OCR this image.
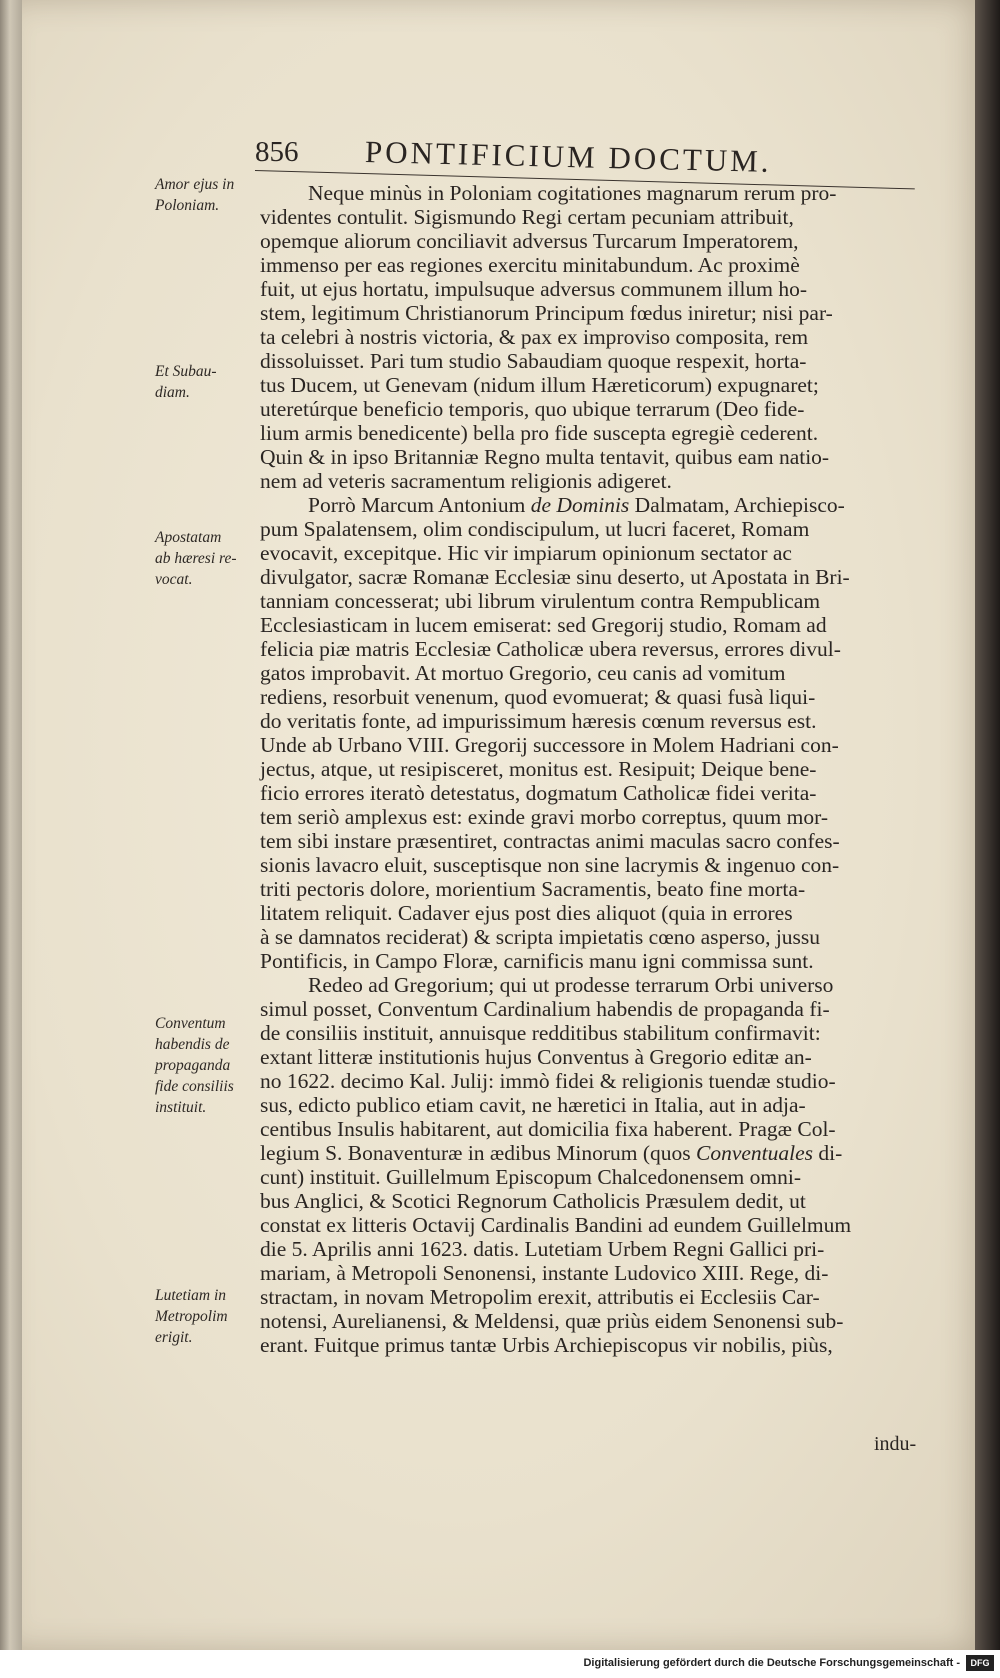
856 PONTIFICIUM DOCTUM.
Amor ejus in
Poloniam.
Et Subau-
diam.
Apostatam
ab hæresi re-
vocat.
Conventum
habendis de
propaganda
fide consiliis
instituit.
Lutetiam in
Metropolim
erigit.
Neque minùs in Poloniam cogitationes magnarum rerum pro-
videntes contulit. Sigismundo Regi certam pecuniam attribuit,
opemque aliorum conciliavit adversus Turcarum Imperatorem,
immenso per eas regiones exercitu minitabundum. Ac proximè
fuit, ut ejus hortatu, impulsuque adversus communem illum ho-
stem, legitimum Christianorum Principum fœdus iniretur; nisi par-
ta celebri à nostris victoria, & pax ex improviso composita, rem
dissoluisset. Pari tum studio Sabaudiam quoque respexit, horta-
tus Ducem, ut Genevam (nidum illum Hæreticorum) expugnaret;
uteretúrque beneficio temporis, quo ubique terrarum (Deo fide-
lium armis benedicente) bella pro fide suscepta egregiè cederent.
Quin & in ipso Britanniæ Regno multa tentavit, quibus eam natio-
nem ad veteris sacramentum religionis adigeret.
Porrò Marcum Antonium de Dominis Dalmatam, Archiepisco-
pum Spalatensem, olim condiscipulum, ut lucri faceret, Romam
evocavit, excepitque. Hic vir impiarum opinionum sectator ac
divulgator, sacræ Romanæ Ecclesiæ sinu deserto, ut Apostata in Bri-
tanniam concesserat; ubi librum virulentum contra Rempublicam
Ecclesiasticam in lucem emiserat: sed Gregorij studio, Romam ad
felicia piæ matris Ecclesiæ Catholicæ ubera reversus, errores divul-
gatos improbavit. At mortuo Gregorio, ceu canis ad vomitum
rediens, resorbuit venenum, quod evomuerat; & quasi fusà liqui-
do veritatis fonte, ad impurissimum hæresis cœnum reversus est.
Unde ab Urbano VIII. Gregorij successore in Molem Hadriani con-
jectus, atque, ut resipisceret, monitus est. Resipuit; Deique bene-
ficio errores iteratò detestatus, dogmatum Catholicæ fidei verita-
tem seriò amplexus est: exinde gravi morbo correptus, quum mor-
tem sibi instare præsentiret, contractas animi maculas sacro confes-
sionis lavacro eluit, susceptisque non sine lacrymis & ingenuo con-
triti pectoris dolore, morientium Sacramentis, beato fine morta-
litatem reliquit. Cadaver ejus post dies aliquot (quia in errores
à se damnatos reciderat) & scripta impietatis cœno asperso, jussu
Pontificis, in Campo Floræ, carnificis manu igni commissa sunt.
Redeo ad Gregorium; qui ut prodesse terrarum Orbi universo
simul posset, Conventum Cardinalium habendis de propaganda fi-
de consiliis instituit, annuisque redditibus stabilitum confirmavit:
extant litteræ institutionis hujus Conventus à Gregorio editæ an-
no 1622. decimo Kal. Julij: immò fidei & religionis tuendæ studio-
sus, edicto publico etiam cavit, ne hæretici in Italia, aut in adja-
centibus Insulis habitarent, aut domicilia fixa haberent. Pragæ Col-
legium S. Bonaventuræ in ædibus Minorum (quos Conventuales di-
cunt) instituit. Guillelmum Episcopum Chalcedonensem omni-
bus Anglici, & Scotici Regnorum Catholicis Præsulem dedit, ut
constat ex litteris Octavij Cardinalis Bandini ad eundem Guillelmum
die 5. Aprilis anni 1623. datis. Lutetiam Urbem Regni Gallici pri-
mariam, à Metropoli Senonensi, instante Ludovico XIII. Rege, di-
stractam, in novam Metropolim erexit, attributis ei Ecclesiis Car-
notensi, Aurelianensi, & Meldensi, quæ priùs eidem Senonensi sub-
erant. Fuitque primus tantæ Urbis Archiepiscopus vir nobilis, piùs,
indu-
Digitalisierung gefördert durch die Deutsche Forschungsgemeinschaft -	DFG
